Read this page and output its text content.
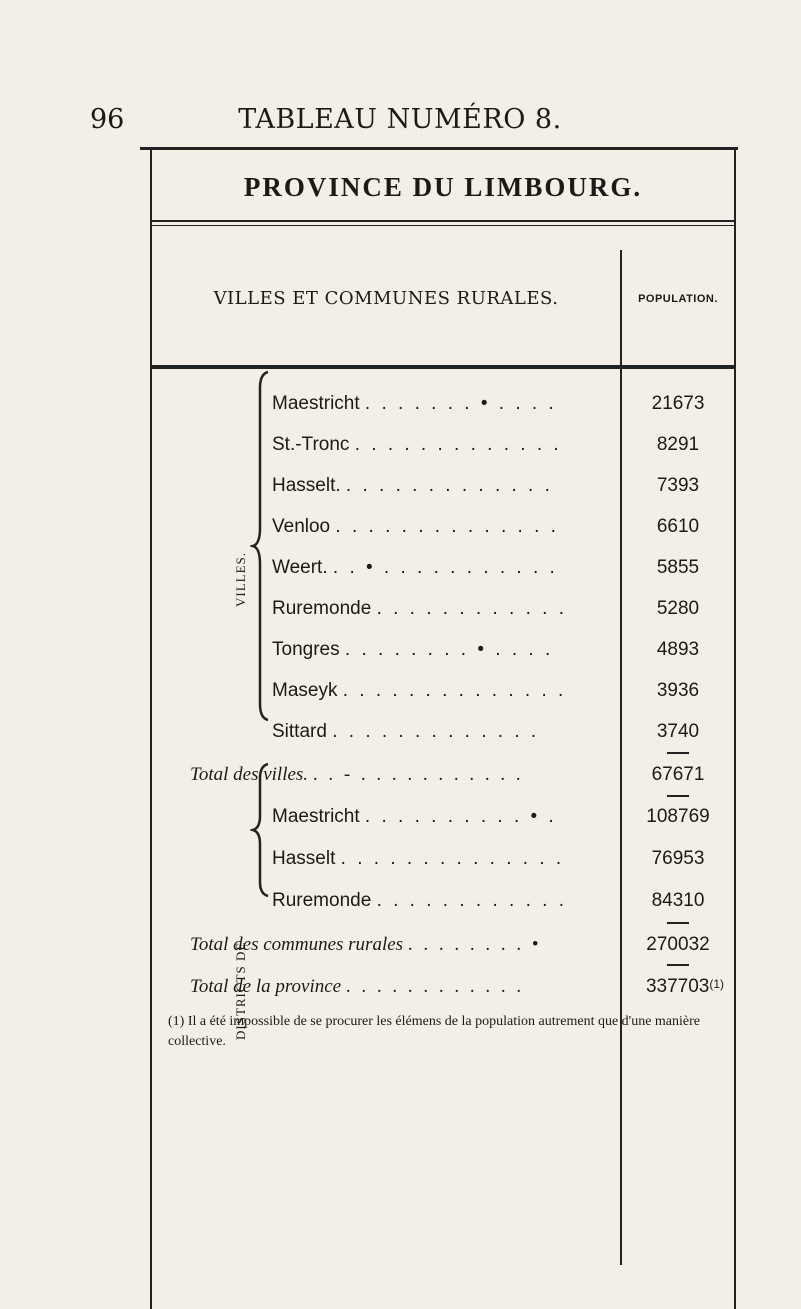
96	TABLEAU NUMÉRO 8.
PROVINCE DU LIMBOURG.
VILLES ET COMMUNES RURALES.	POPULATION.
VILLES.
DISTRICTS DE
Maestricht . . . . . . . • . . . .	21673
St.-Tronc . . . . . . . . . . . . .	8291
Hasselt. . . . . . . . . . . . . .	7393
Venloo . . . . . . . . . . . . . .	6610
Weert. . . • . . . . . . . . . . .	5855
Ruremonde . . . . . . . . . . . .	5280
Tongres . . . . . . . . • . . . .	4893
Maseyk . . . . . . . . . . . . . .	3936
Sittard . . . . . . . . . . . . .	3740
Total des villes. . . - . . . . . . . . . . .	67671
Maestricht . . . . . . . . . . • .	108769
Hasselt . . . . . . . . . . . . . .	76953
Ruremonde . . . . . . . . . . . .	84310
Total des communes rurales . . . . . . . . •	270032
Total de la province . . . . . . . . . . . .	337703$^{(1)}$
(1) Il a été impossible de se procurer les élémens de la population autrement que d'une manière collective.
